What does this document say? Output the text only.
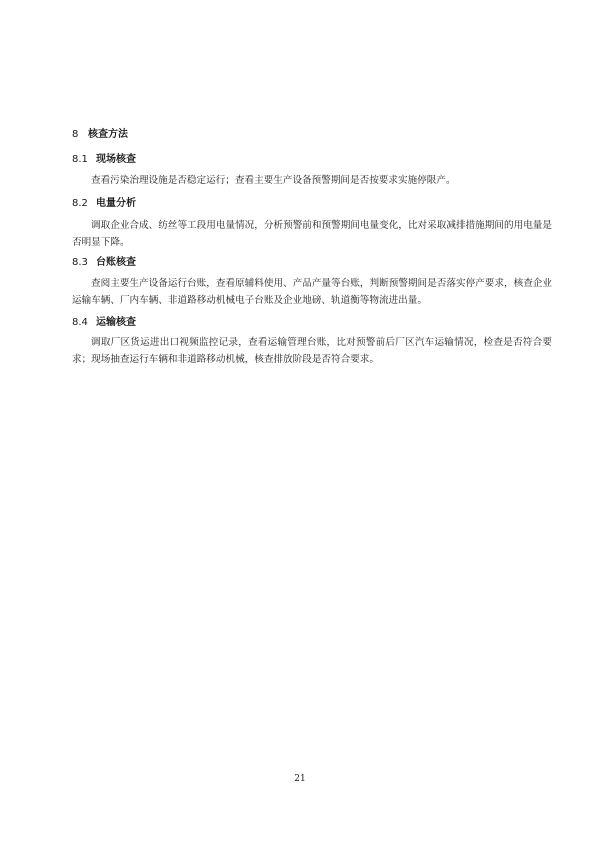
8 核查方法
8.1 现场核查
查看污染治理设施是否稳定运行；查看主要生产设备预警期间是否按要求实施停限产。
8.2 电量分析
调取企业合成、纺丝等工段用电量情况，分析预警前和预警期间电量变化，比对采取减排措施期间的用电量是否明显下降。
8.3 台账核查
查阅主要生产设备运行台账，查看原辅料使用、产品产量等台账，判断预警期间是否落实停产要求，核查企业运输车辆、厂内车辆、非道路移动机械电子台账及企业地磅、轨道衡等物流进出量。
8.4 运输核查
调取厂区货运进出口视频监控记录，查看运输管理台账，比对预警前后厂区汽车运输情况，检查是否符合要求；现场抽查运行车辆和非道路移动机械，核查排放阶段是否符合要求。
21
